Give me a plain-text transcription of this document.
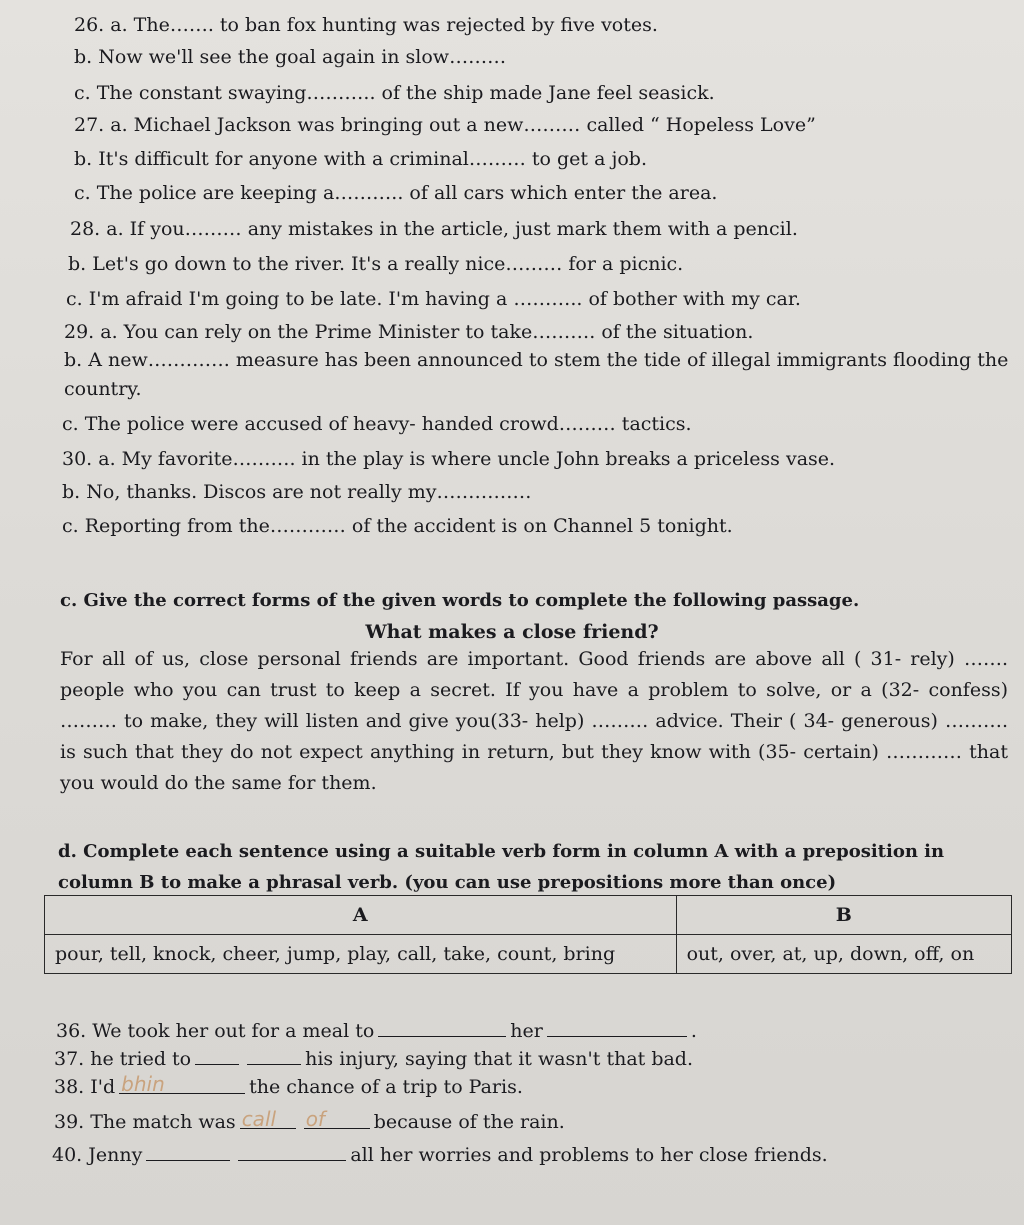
26. a. The……. to ban fox hunting was rejected by five votes.
b. Now we'll see the goal again in slow………
c. The constant swaying……….. of the ship made Jane feel seasick.
27. a. Michael Jackson was bringing out a new……… called “ Hopeless Love”
b. It's difficult for anyone with a criminal……… to get a job.
c. The police are keeping a……….. of all cars which enter the area.
28. a. If you……… any mistakes in the article, just mark them with a pencil.
b. Let's go down to the river. It's a really nice……… for a picnic.
c. I'm afraid I'm going to be late. I'm having a ……….. of bother with my car.
29. a. You can rely on the Prime Minister to take………. of the situation.
b. A new…………. measure has been announced to stem the tide of illegal immigrants flooding the
country.
c. The police were accused of heavy- handed crowd……… tactics.
30. a. My favorite………. in the play is where uncle John breaks a priceless vase.
b. No, thanks. Discos are not really my……………
c. Reporting from the………… of the accident is on Channel 5 tonight.
c. Give the correct forms of the given words to complete the following passage.
What makes a close friend?
For all of us, close personal friends are important. Good friends are above all ( 31- rely) ……. people who you can trust to keep a secret. If you have a problem to solve, or a (32- confess) ……… to make, they will listen and give you(33- help) ……… advice. Their ( 34- generous) ………. is such that they do not expect anything in return, but they know with (35- certain) ………… that you would do the same for them.
d. Complete each sentence using a suitable verb form in column A with a preposition in column B to make a phrasal verb. (you can use prepositions more than once)
A	B
pour, tell, knock, cheer, jump, play, call, take, count, bring	out, over, at, up, down, off, on
36. We took her out for a meal to	her	.
37. he tried to	his injury, saying that it wasn't that bad.
38. I'd bhin	the chance of a trip to Paris.
39. The match was call of	because of the rain.
40. Jenny	all her worries and problems to her close friends.
